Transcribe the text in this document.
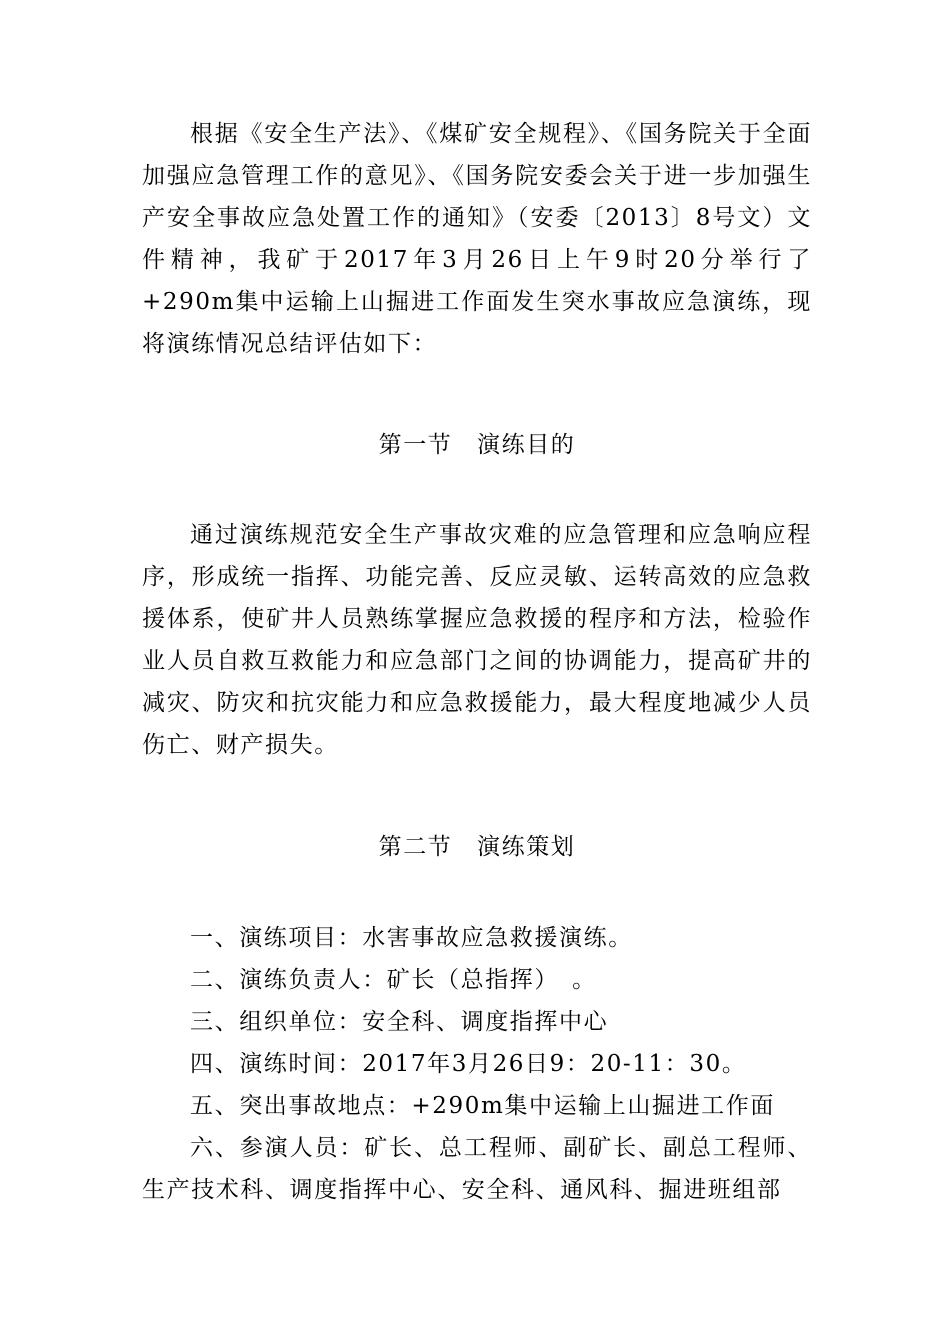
根据《安全生产法》、《煤矿安全规程》、《国务院关于全面加强应急管理工作的意见》、《国务院安委会关于进一步加强生产安全事故应急处置工作的通知》（安委〔2013〕8号文）文件精神，我矿于2017年3月26日上午9时20分举行了+290m集中运输上山掘进工作面发生突水事故应急演练，现将演练情况总结评估如下：

第一节　演练目的

通过演练规范安全生产事故灾难的应急管理和应急响应程序，形成统一指挥、功能完善、反应灵敏、运转高效的应急救援体系，使矿井人员熟练掌握应急救援的程序和方法，检验作业人员自救互救能力和应急部门之间的协调能力，提高矿井的减灾、防灾和抗灾能力和应急救援能力，最大程度地减少人员伤亡、财产损失。

第二节　演练策划
一、演练项目：水害事故应急救援演练。
二、演练负责人：矿长（总指挥）　。
三、组织单位：安全科、调度指挥中心
四、演练时间：2017年3月26日9：20-11：30。
五、突出事故地点：+290m集中运输上山掘进工作面
六、参演人员：矿长、总工程师、副矿长、副总工程师、生产技术科、调度指挥中心、安全科、通风科、掘进班组部
